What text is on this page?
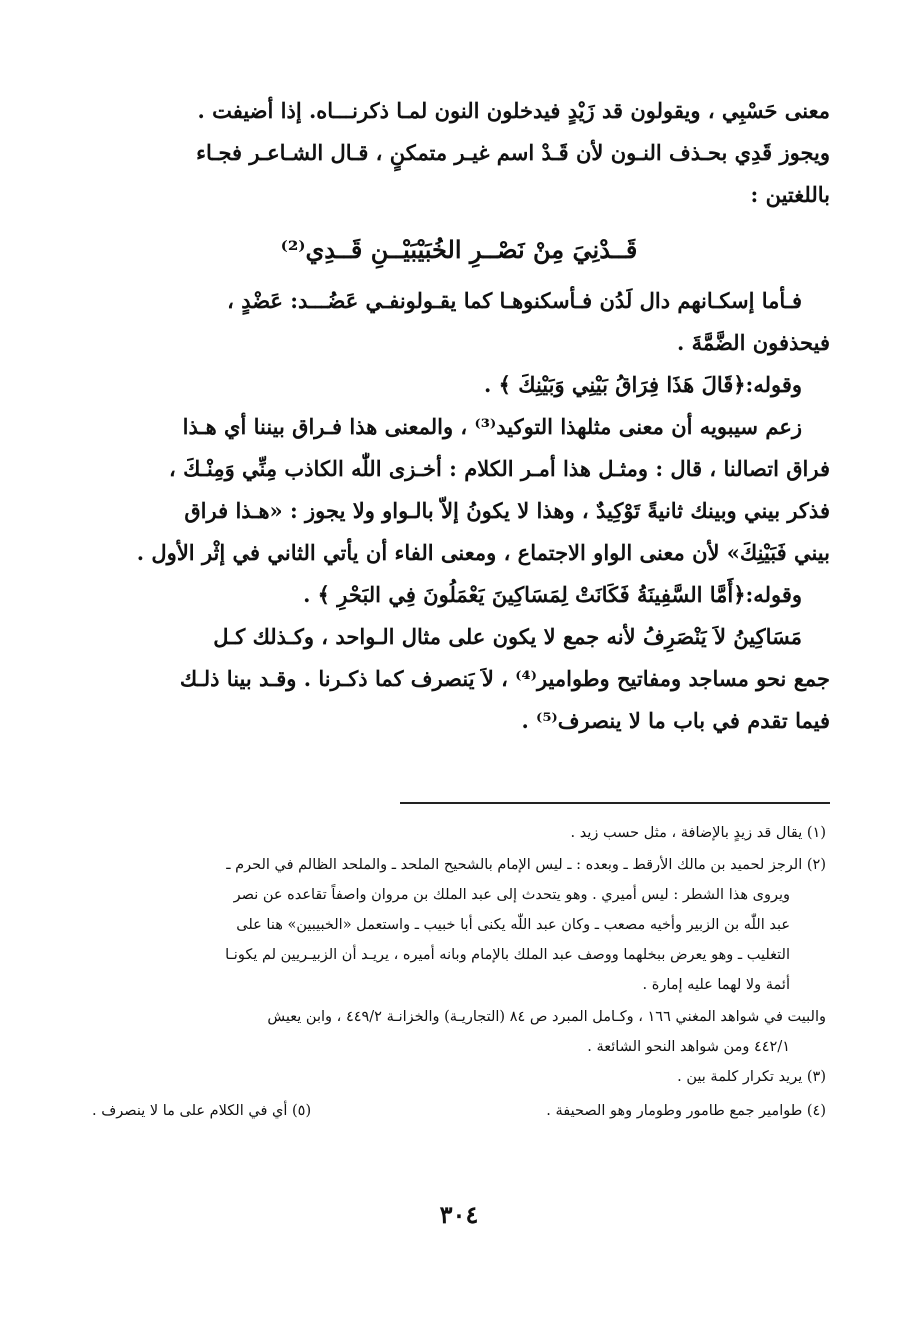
معنى حَسْبِي ، ويقولون قد زَيْدٍ فيدخلون النون لمـا ذكرنـــاه. إذا أضيفت .
ويجوز قَدِي بحـذف النـون لأن قَـدْ اسم غيـر متمكنٍ ، قـال الشـاعـر فجـاء
باللغتين :
قَــدْنِيَ مِنْ نَصْــرِ الخُبَيْبَيْــنِ قَــدِي⁽²⁾
فـأما إسكـانهم دال لَدُن فـأسكنوهـا كما يقـولونفـي عَضُـــد: عَضْدٍ ،
فيحذفون الضَّمَّةَ .
وقوله:﴿قَالَ هَذَا فِرَاقُ بَيْنِي وَبَيْنِكَ ﴾ .
زعم سيبويه أن معنى مثلهذا التوكيد⁽³⁾ ، والمعنى هذا فـراق بيننا أي هـذا
فراق اتصالنا ، قال : ومثـل هذا أمـر الكلام : أخـزى اللّٰه الكاذب مِنِّي وَمِنْـكَ ،
فذكر بيني وبينك ثانيةً تَوْكِيدٌ ، وهذا لا يكونُ إلاّ بالـواو ولا يجوز : «هـذا فراق
بيني فَبَيْنِكَ» لأن معنى الواو الاجتماع ، ومعنى الفاء أن يأتي الثاني في إثْر الأول .
وقوله:﴿أَمَّا السَّفِينَةُ فَكَانَتْ لِمَسَاكِينَ يَعْمَلُونَ فِي البَحْرِ ﴾ .
مَسَاكِينُ لاَ يَنْصَرِفُ لأنه جمع لا يكون على مثال الـواحد ، وكـذلك كـل
جمع نحو مساجد ومفاتيح وطوامير⁽⁴⁾ ، لاَ يَنصرف كما ذكـرنا . وقـد بينا ذلـك
فيما تقدم في باب ما لا ينصرف⁽⁵⁾ .
(١) يقال قد زيدٍ بالإضافة ، مثل حسب زيد .
(٢) الرجز لحميد بن مالك الأرقط ـ وبعده : ـ ليس الإمام بالشحيح الملحد ـ والملحد الظالم في الحرم ـ
ويروى هذا الشطر : ليس أميري . وهو يتحدث إلى عبد الملك بن مروان واصفاً تقاعده عن نصر
عبد اللّٰه بن الزبير وأخيه مصعب ـ وكان عبد اللّٰه يكنى أبا خبيب ـ واستعمل «الخبيبين» هنا على
التغليب ـ وهو يعرض ببخلهما ووصف عبد الملك بالإمام وبانه أميره ، يريـد أن الزبيـريين لم يكونـا
أئمة ولا لهما عليه إمارة .
والبيت في شواهد المغني ١٦٦ ، وكـامل المبرد ص ٨٤ (التجاريـة) والخزانـة ٤٤٩/٢ ، وابن يعيش
٤٤٢/١ ومن شواهد النحو الشائعة .
(٣) يريد تكرار كلمة بين .
(٤) طوامير جمع طامور وطومار وهو الصحيفة .
(٥) أي في الكلام على ما لا ينصرف .
٣٠٤
